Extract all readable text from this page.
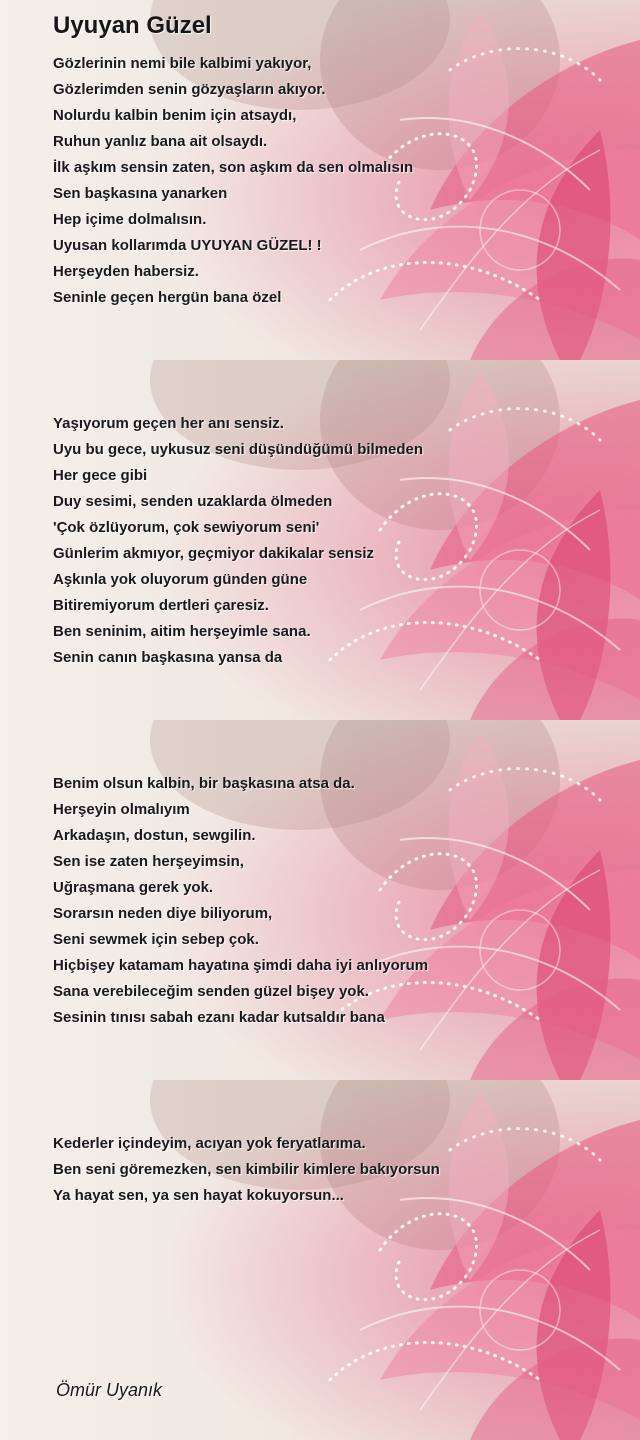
Uyuyan Güzel
Gözlerinin nemi bile kalbimi yakıyor,
Gözlerimden senin gözyaşların akıyor.
Nolurdu kalbin benim için atsaydı,
Ruhun yanlız bana ait olsaydı.
İlk aşkım sensin zaten, son aşkım da sen olmalısın
Sen başkasına yanarken
Hep içime dolmalısın.
Uyusan kollarımda UYUYAN GÜZEL! !
Herşeyden habersiz.
Seninle geçen hergün bana özel
Yaşıyorum geçen her anı sensiz.
Uyu bu gece, uykusuz seni düşündüğümü bilmeden
Her gece gibi
Duy sesimi, senden uzaklarda ölmeden
'Çok özlüyorum, çok sewiyorum seni'
Günlerim akmıyor, geçmiyor dakikalar sensiz
Aşkınla yok oluyorum günden güne
Bitiremiyorum dertleri çaresiz.
Ben seninim, aitim herşeyimle sana.
Senin canın başkasına yansa da
Benim olsun kalbin, bir başkasına atsa da.
Herşeyin olmalıyım
Arkadaşın, dostun, sewgilin.
Sen ise zaten herşeyimsin,
Uğraşmana gerek yok.
Sorarsın neden diye biliyorum,
Seni sewmek için sebep çok.
Hiçbişey katamam hayatına şimdi daha iyi anlıyorum
Sana verebileceğim senden güzel bişey yok.
Sesinin tınısı sabah ezanı kadar kutsaldır bana
Kederler içindeyim, acıyan yok feryatlarıma.
Ben seni göremezken, sen kimbilir kimlere bakıyorsun
Ya hayat sen, ya sen hayat kokuyorsun...
Ömür Uyanık
